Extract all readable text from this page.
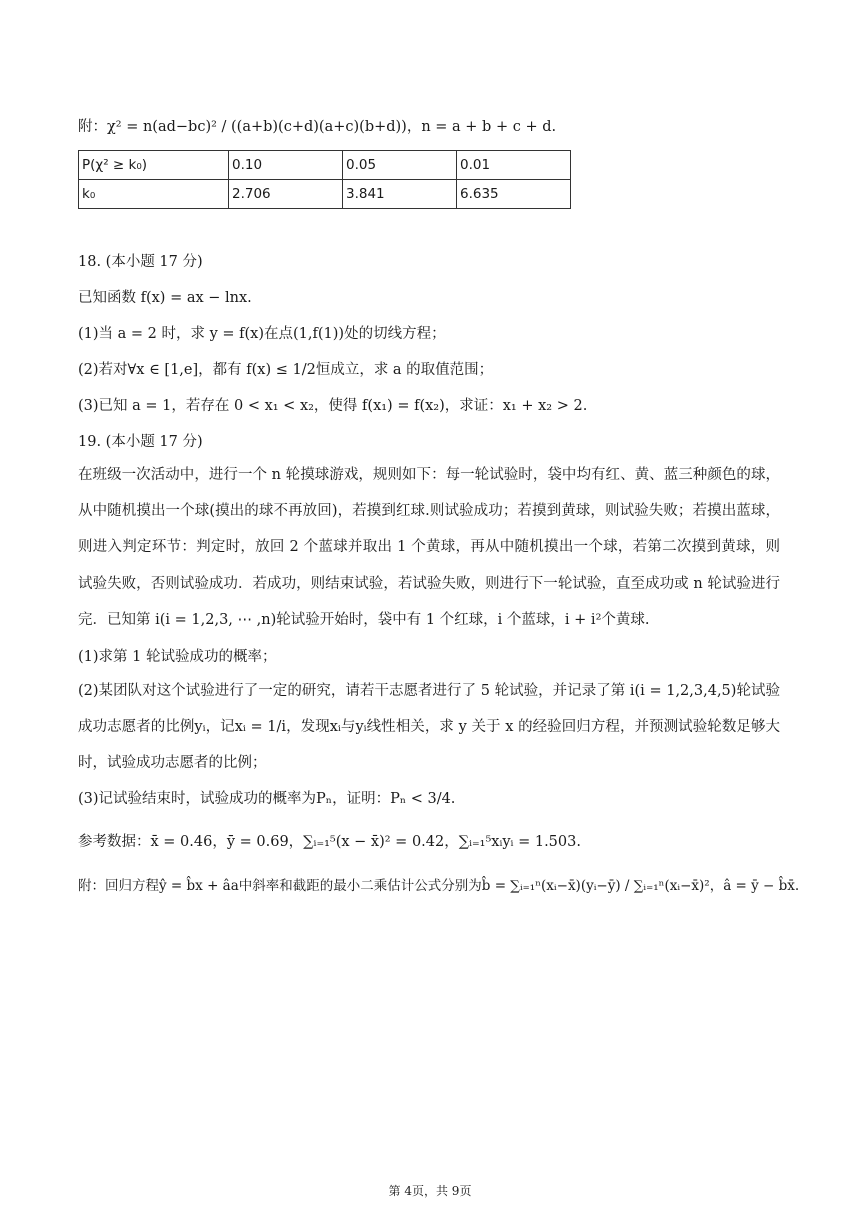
附：χ² = n(ad−bc)² / ((a+b)(c+d)(a+c)(b+d))，n = a + b + c + d.
P(χ² ≥ k₀)	0.10	0.05	0.01
k₀	2.706	3.841	6.635
18. (本小题 17 分)
已知函数 f(x) = ax − lnx.
(1)当 a = 2 时，求 y = f(x)在点(1,f(1))处的切线方程；
(2)若对∀x ∈ [1,e]，都有 f(x) ≤ 1/2恒成立，求 a 的取值范围；
(3)已知 a = 1，若存在 0 < x₁ < x₂，使得 f(x₁) = f(x₂)，求证：x₁ + x₂ > 2.
19. (本小题 17 分)
在班级一次活动中，进行一个 n 轮摸球游戏，规则如下：每一轮试验时，袋中均有红、黄、蓝三种颜色的球，从中随机摸出一个球(摸出的球不再放回)，若摸到红球.则试验成功；若摸到黄球，则试验失败；若摸出蓝球，则进入判定环节：判定时，放回 2 个蓝球并取出 1 个黄球，再从中随机摸出一个球，若第二次摸到黄球，则试验失败，否则试验成功．若成功，则结束试验，若试验失败，则进行下一轮试验，直至成功或 n 轮试验进行完．已知第 i(i = 1,2,3, ⋯ ,n)轮试验开始时，袋中有 1 个红球，i 个蓝球，i + i²个黄球.
(1)求第 1 轮试验成功的概率；
(2)某团队对这个试验进行了一定的研究，请若干志愿者进行了 5 轮试验，并记录了第 i(i = 1,2,3,4,5)轮试验成功志愿者的比例yᵢ，记xᵢ = 1/i，发现xᵢ与yᵢ线性相关，求 y 关于 x 的经验回归方程，并预测试验轮数足够大时，试验成功志愿者的比例；
(3)记试验结束时，试验成功的概率为Pₙ，证明：Pₙ < 3/4.
参考数据：x̄ = 0.46，ȳ = 0.69，∑ᵢ₌₁⁵(x − x̄)² = 0.42，∑ᵢ₌₁⁵xᵢyᵢ = 1.503.
附：回归方程ŷ = b̂x + âa中斜率和截距的最小二乘估计公式分别为b̂ = ∑ᵢ₌₁ⁿ(xᵢ−x̄)(yᵢ−ȳ) / ∑ᵢ₌₁ⁿ(xᵢ−x̄)²，â = ȳ − b̂x̄.
第 4页，共 9页
